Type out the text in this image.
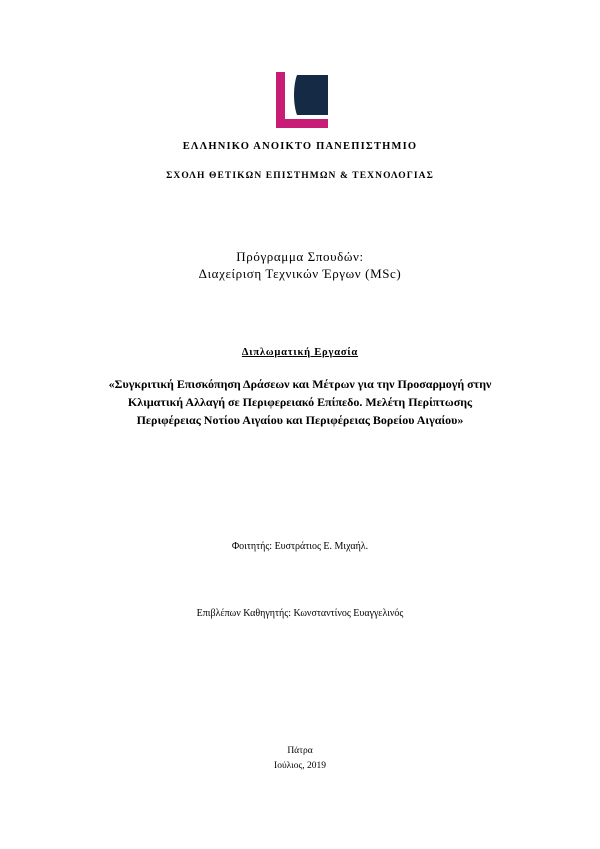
ΕΛΛΗΝΙΚΟ ΑΝΟΙΚΤΟ ΠΑΝΕΠΙΣΤΗΜΙΟ
ΣΧΟΛΗ ΘΕΤΙΚΩΝ ΕΠΙΣΤΗΜΩΝ & ΤΕΧΝΟΛΟΓΙΑΣ
Πρόγραμμα Σπουδών:
Διαχείριση Τεχνικών Έργων (MSc)
Διπλωματική Εργασία
«Συγκριτική Επισκόπηση Δράσεων και Μέτρων για την Προσαρμογή στην
Κλιματική Αλλαγή σε Περιφερειακό Επίπεδο. Μελέτη Περίπτωσης
Περιφέρειας Νοτίου Αιγαίου και Περιφέρειας Βορείου Αιγαίου»
Φοιτητής: Ευστράτιος Ε. Μιχαήλ.
Επιβλέπων Καθηγητής: Κωνσταντίνος Ευαγγελινός
Πάτρα
Ιούλιος, 2019
